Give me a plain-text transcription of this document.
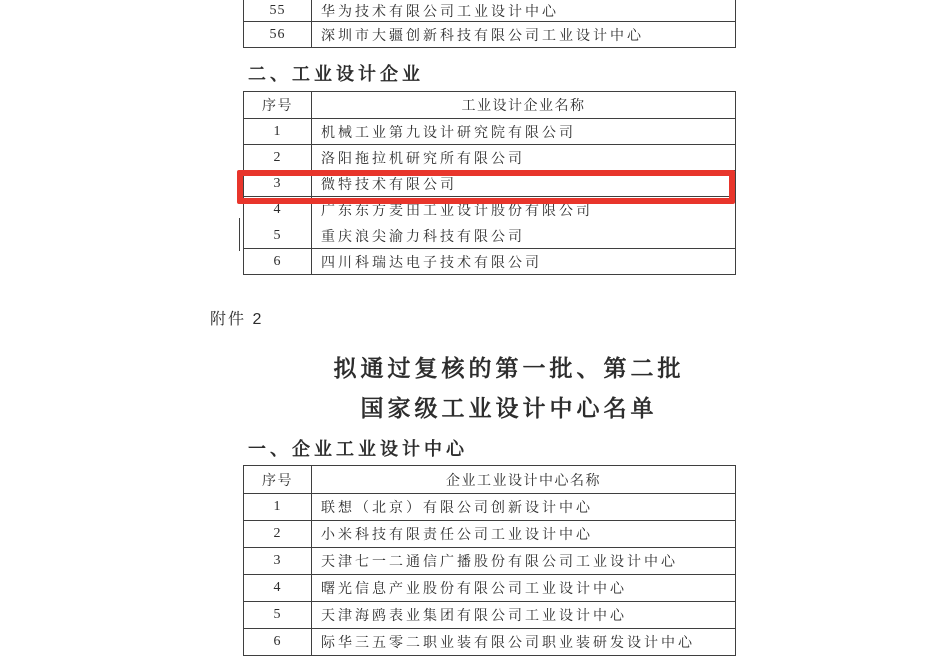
55	华为技术有限公司工业设计中心
56	深圳市大疆创新科技有限公司工业设计中心
二、工业设计企业
序号	工业设计企业名称
1	机械工业第九设计研究院有限公司
2	洛阳拖拉机研究所有限公司
3	微特技术有限公司
4	广东东方麦田工业设计股份有限公司
5	重庆浪尖渝力科技有限公司
6	四川科瑞达电子技术有限公司
附件 2
拟通过复核的第一批、第二批
国家级工业设计中心名单
一、企业工业设计中心
序号	企业工业设计中心名称
1	联想（北京）有限公司创新设计中心
2	小米科技有限责任公司工业设计中心
3	天津七一二通信广播股份有限公司工业设计中心
4	曙光信息产业股份有限公司工业设计中心
5	天津海鸥表业集团有限公司工业设计中心
6	际华三五零二职业装有限公司职业装研发设计中心
